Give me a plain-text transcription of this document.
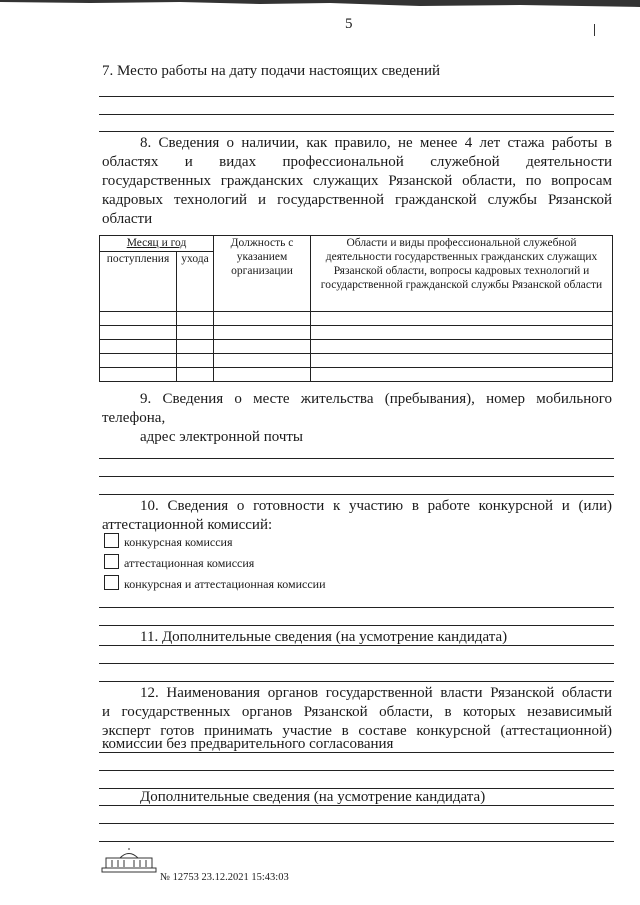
5
7. Место работы на дату подачи настоящих сведений
8. Сведения о наличии, как правило, не менее 4 лет стажа работы в
областях и видах профессиональной служебной деятельности
государственных гражданских служащих Рязанской области, по вопросам
кадровых технологий и государственной гражданской службы Рязанской
области
Месяц и год		Должность с указанием организации	Области и виды профессиональной служебной деятельности государственных гражданских служащих Рязанской области, вопросы кадровых технологий и государственной гражданской службы Рязанской области
поступления	ухода		

9. Сведения о месте жительства (пребывания), номер мобильного
телефона,
адрес электронной почты
10. Сведения о готовности к участию в работе конкурсной и (или)
аттестационной комиссий:
конкурсная комиссия
аттестационная комиссия
конкурсная и аттестационная комиссии
11. Дополнительные сведения (на усмотрение кандидата)
12. Наименования органов государственной власти Рязанской области
и государственных органов Рязанской области, в которых независимый
эксперт готов принимать участие в составе конкурсной (аттестационной)
комиссии без предварительного согласования
Дополнительные сведения (на усмотрение кандидата)
№ 12753 23.12.2021 15:43:03
